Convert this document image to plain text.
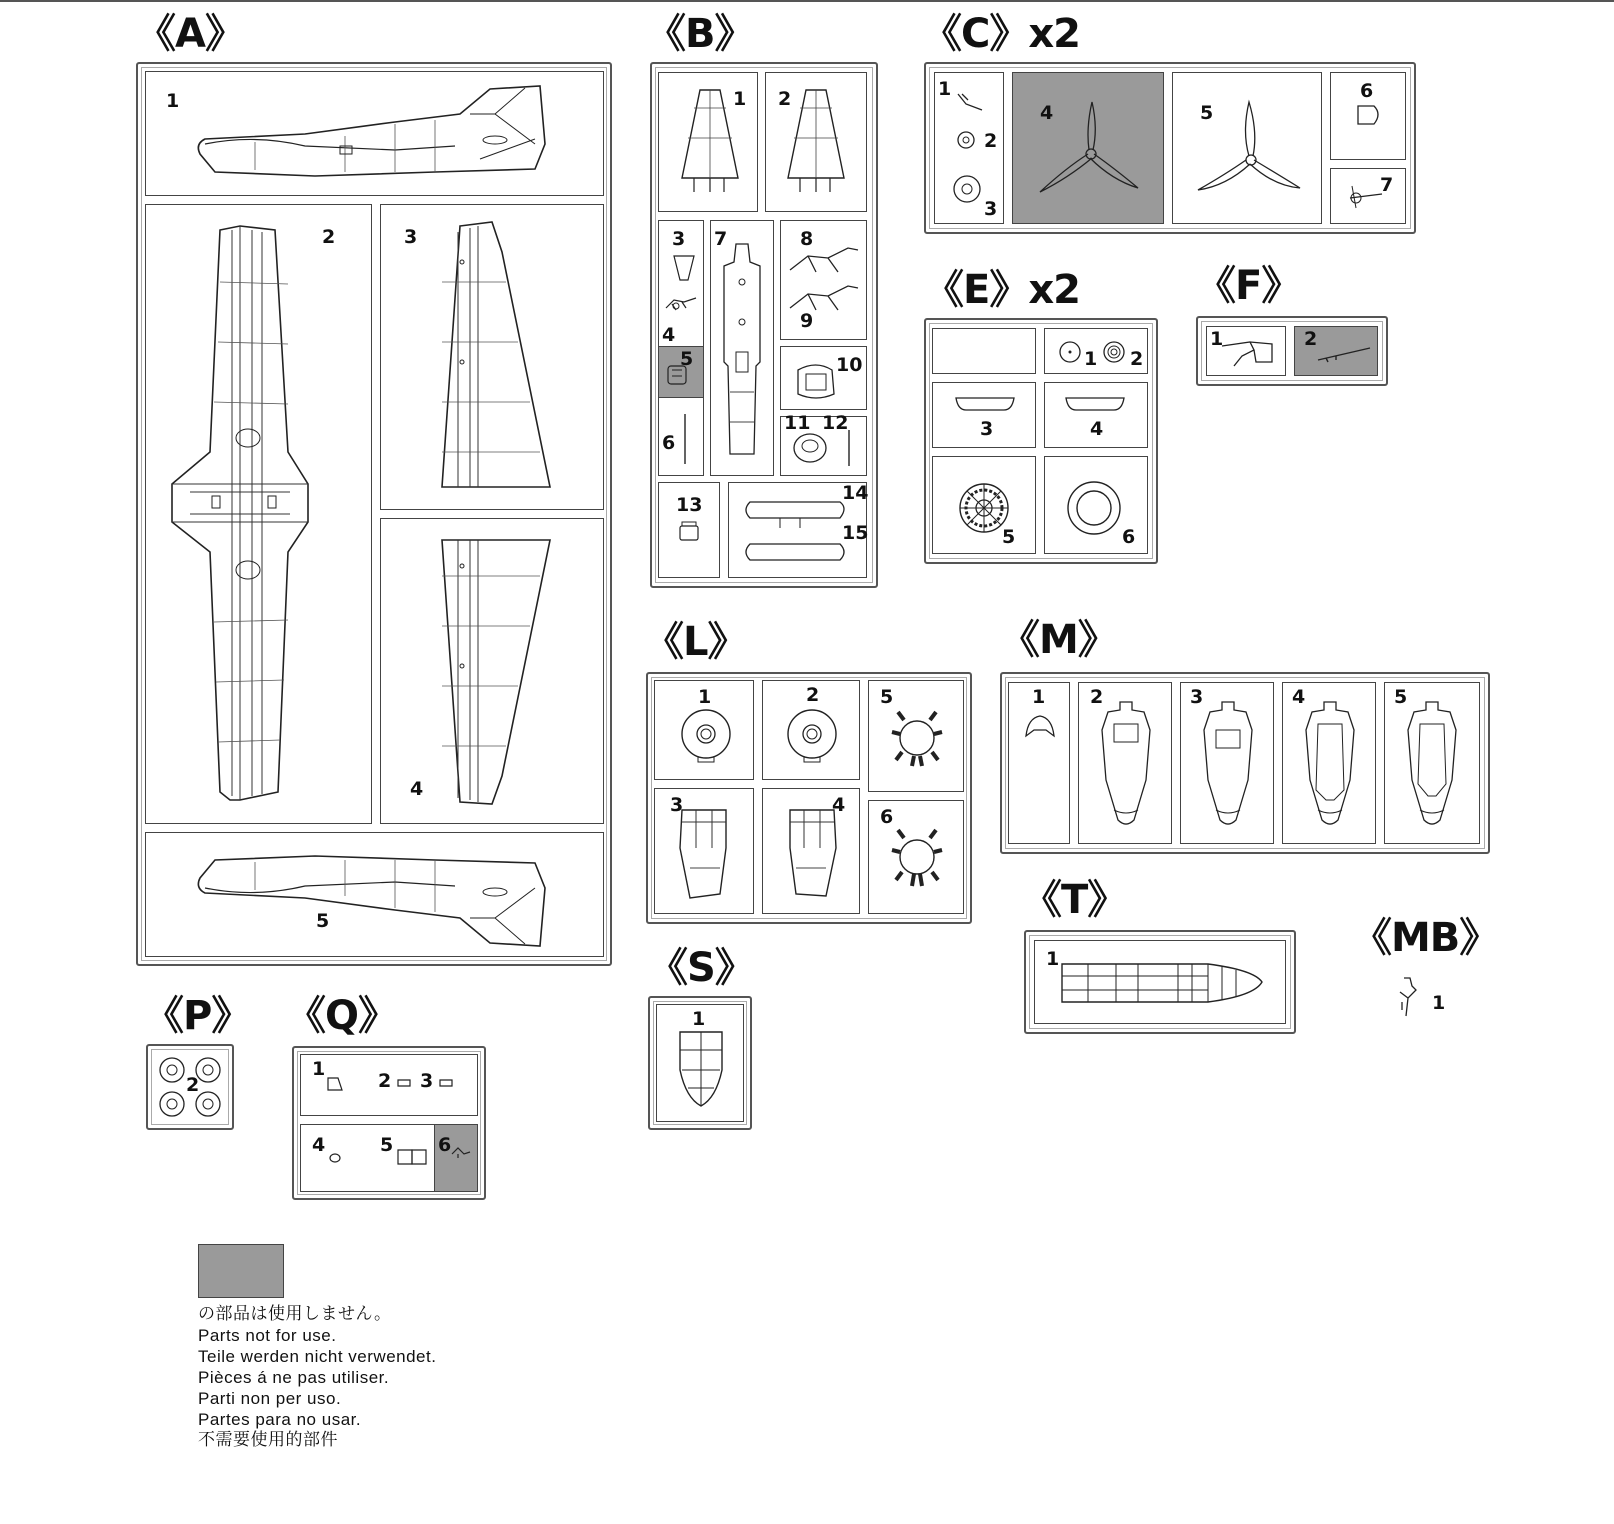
《A》
1
2	3
4
5
《B》
1 2
3
4
5
6
7	8
9
10
11 12
13
14
15
《C》x2
1
2
3
4	5
6
7
《E》x2
1 2
3	4
5	6
《F》
1	2
《L》
1	2
3	4
5
6
《M》
1 2	3	4	5
《T》
1	《MB》
1
《S》
1
《P》
2
《Q》
1
2 3
4	5 6
の部品は使用しません。
Parts not for use.
Teile werden nicht verwendet.
Pièces á ne pas utiliser.
Parti non per uso.
Partes para no usar.
不需要使用的部件
